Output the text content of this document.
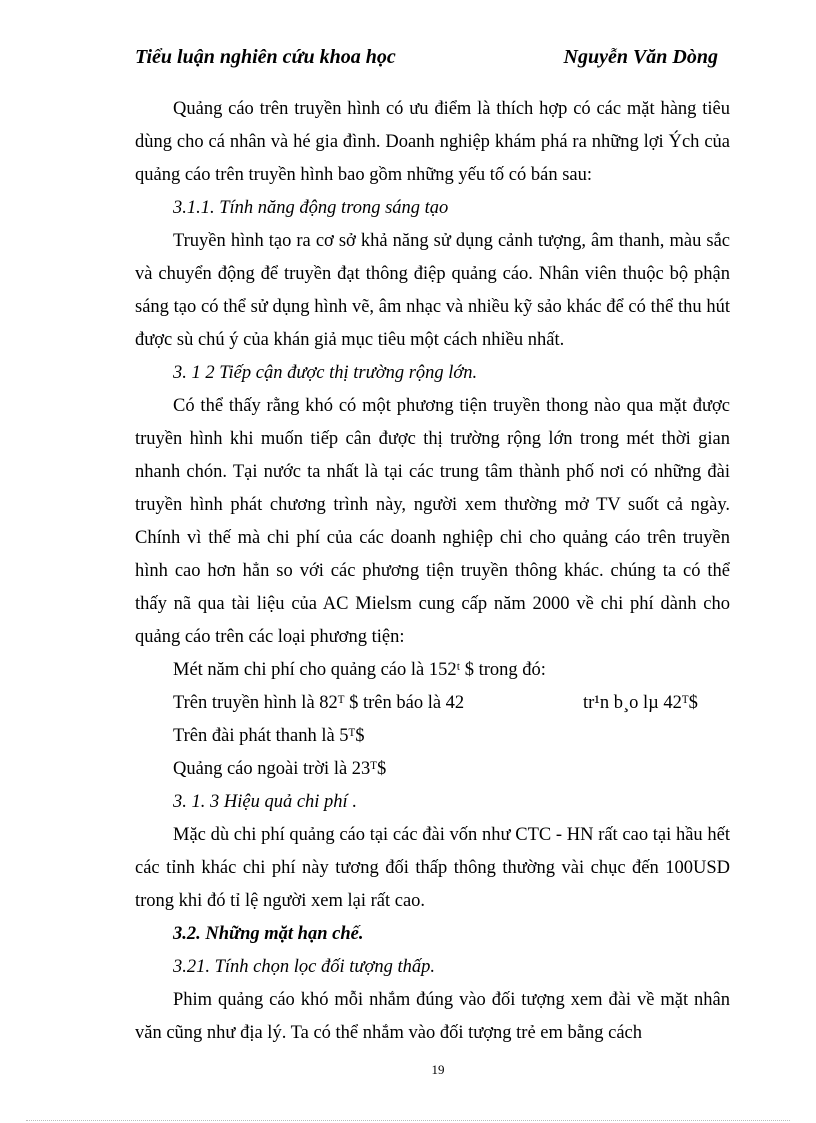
Tiểu luận nghiên cứu khoa học	Nguyễn Văn Dòng

Quảng cáo trên truyền hình có ưu điểm là thích hợp có các mặt hàng tiêu dùng cho cá nhân và hé gia đình. Doanh nghiệp khám phá ra những lợi Ých của quảng cáo trên truyền hình bao gồm những yếu tố có bán sau:

3.1.1. Tính năng động trong sáng tạo

Truyền hình tạo ra cơ sở khả năng sử dụng cảnh tượng, âm thanh, màu sắc và chuyển động để truyền đạt thông điệp quảng cáo. Nhân viên thuộc bộ phận sáng tạo có thể sử dụng hình vẽ, âm nhạc và nhiều kỹ sảo khác để có thể thu hút được sù chú ý của khán giả mục tiêu một cách nhiều nhất.

3. 1 2 Tiếp cận được thị trường rộng lớn.

Có thể thấy rằng khó có một phương tiện truyền thong nào qua mặt được truyền hình khi muốn tiếp cân được thị trường rộng lớn trong mét thời gian nhanh chón. Tại nước ta nhất là tại các trung tâm thành phố nơi có những đài truyền hình phát chương trình này, người xem thường mở TV suốt cả ngày. Chính vì thế mà chi phí của các doanh nghiệp chi cho quảng cáo trên truyền hình cao hơn hẳn so với các phương tiện truyền thông khác. chúng ta có thể thấy nã qua tài liệu của AC Mielsm cung cấp năm 2000 về chi phí dành cho quảng cáo trên các loại phương tiện:

Mét năm chi phí cho quảng cáo là 152ᵗ $ trong đó:

Trên truyền hình là 82ᵀ $ trên báo là 42	tr¹n b¸o lµ 42ᵀ$

Trên đài phát thanh là 5ᵀ$

Quảng cáo ngoài trời là 23ᵀ$

3. 1. 3 Hiệu quả chi phí .

Mặc dù chi phí quảng cáo tại các đài vốn như CTC - HN rất cao tại hầu hết các tỉnh khác chi phí này tương đối thấp thông thường vài chục đến 100USD trong khi đó tỉ lệ người xem lại rất cao.

3.2. Những mặt hạn chế.

3.21. Tính chọn lọc đối tượng thấp.

Phim quảng cáo khó mỗi nhắm đúng vào đối tượng xem đài về mặt nhân văn cũng như địa lý. Ta có thể nhắm vào đối tượng trẻ em bằng cách

19
